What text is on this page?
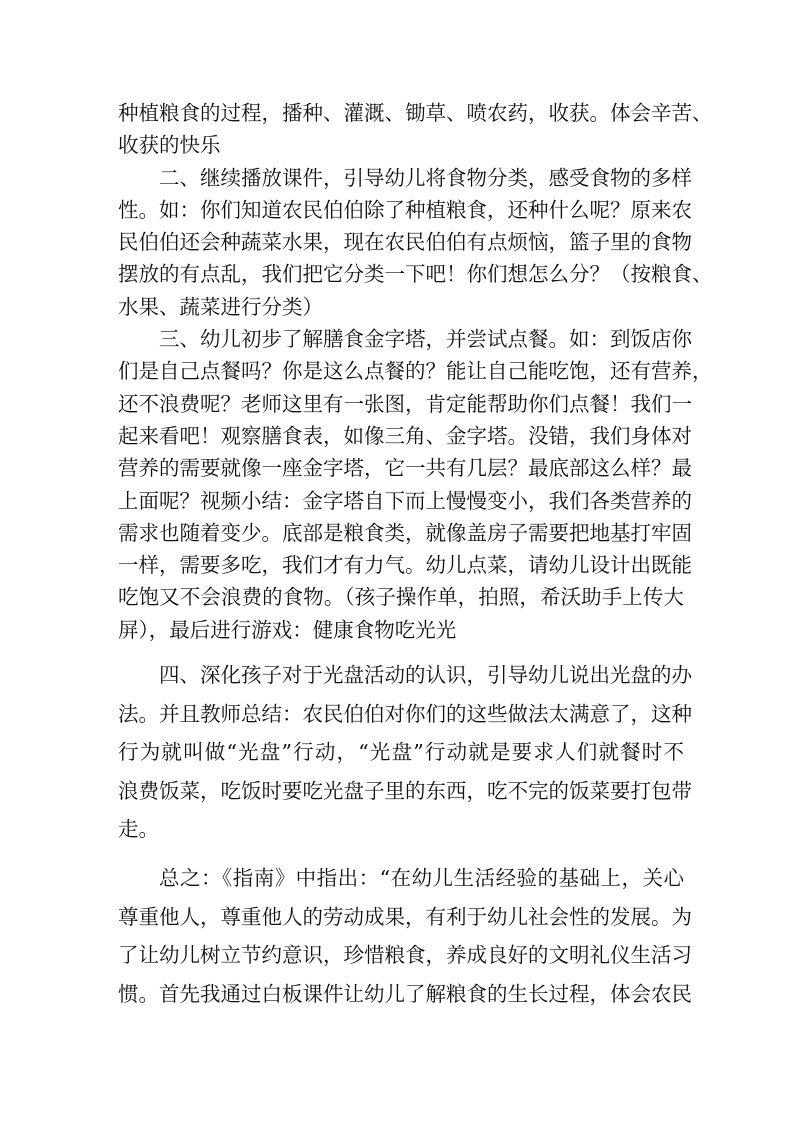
种植粮食的过程，播种、灌溉、锄草、喷农药，收获。体会辛苦、
收获的快乐
二、继续播放课件，引导幼儿将食物分类，感受食物的多样
性。如：你们知道农民伯伯除了种植粮食，还种什么呢？原来农
民伯伯还会种蔬菜水果，现在农民伯伯有点烦恼，篮子里的食物
摆放的有点乱，我们把它分类一下吧！你们想怎么分？（按粮食、
水果、蔬菜进行分类）
三、幼儿初步了解膳食金字塔，并尝试点餐。如：到饭店你
们是自己点餐吗？你是这么点餐的？能让自己能吃饱，还有营养，
还不浪费呢？老师这里有一张图，肯定能帮助你们点餐！我们一
起来看吧！观察膳食表，如像三角、金字塔。没错，我们身体对
营养的需要就像一座金字塔，它一共有几层？最底部这么样？最
上面呢？视频小结：金字塔自下而上慢慢变小，我们各类营养的
需求也随着变少。底部是粮食类，就像盖房子需要把地基打牢固
一样，需要多吃，我们才有力气。幼儿点菜，请幼儿设计出既能
吃饱又不会浪费的食物。（孩子操作单，拍照，希沃助手上传大
屏），最后进行游戏：健康食物吃光光
四、深化孩子对于光盘活动的认识，引导幼儿说出光盘的办
法。并且教师总结：农民伯伯对你们的这些做法太满意了，这种
行为就叫做“光盘”行动，“光盘”行动就是要求人们就餐时不
浪费饭菜，吃饭时要吃光盘子里的东西，吃不完的饭菜要打包带
走。
总之：《指南》中指出：“在幼儿生活经验的基础上，关心
尊重他人，尊重他人的劳动成果，有利于幼儿社会性的发展。为
了让幼儿树立节约意识，珍惜粮食，养成良好的文明礼仪生活习
惯。首先我通过白板课件让幼儿了解粮食的生长过程，体会农民
